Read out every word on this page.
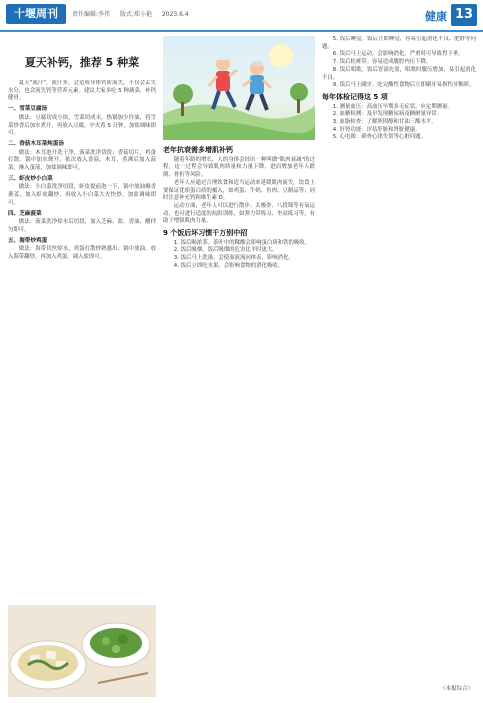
十堰周刊	责任编辑:李伟 版式:郑小艳 2023.6.4	健康 13
夏天补钙，推荐 5 种菜

夏天"流汗"，流汗多，会造成身体钙质流失。不仅会丢失水分，也会流失钙等营养元素。建议大家多吃 5 种蔬菜，补钙健骨。

一、雪菜豆腐汤

做法：豆腐切成小块，雪菜切成末，热锅加少许油，将雪菜炒香后加水煮开，再放入豆腐，中火煮 5 分钟，加盐调味即可。

二、香菇木耳菜炖蛋汤

做法：木耳泡开洗干净，菠菜洗净切段；香菇切片，鸡蛋打散。锅中加水烧开，依次放入香菇、木耳，煮沸后加入菠菜，淋入蛋液，加盐调味即可。

三、虾皮炒小白菜

做法：小白菜洗净切段，虾皮提前泡一下，锅中放油爆香葱姜，加入虾皮翻炒，再放入小白菜大火快炒，加盐调味即可。

四、芝麻菠菜

做法：菠菜洗净焯水后切段，加入芝麻、盐、香油、醋拌匀即可。

五、海带炒鸡蛋

做法：海带切丝焯水，鸡蛋打散炒熟盛出；锅中放油，放入海带翻炒，再加入鸡蛋，调入盐即可。

老年抗衰需多增肌补钙

随着年龄的增长，人的身体会经历一种叫做"肌肉衰减"的过程，这一过程会导致肌肉质量和力量下降，进而增加老年人跌倒、骨折等风险。

老年人应通过合理饮食和适当运动来延缓肌肉流失。饮食上要保证优质蛋白质的摄入，如鸡蛋、牛奶、鱼肉、豆制品等；同时注意补充钙和维生素 D。

运动方面，老年人可以进行散步、太极拳、八段锦等有氧运动，也可进行适度的抗阻训练，如弹力带练习、坐站练习等，有助于增强肌肉力量。

9 个饭后坏习惯千万别中招

1. 饭后喝浓茶。茶叶中的鞣酸会影响蛋白质和铁的吸收。

2. 饭后吸烟。饭后吸烟的危害比平时更大。

3. 饭后马上洗澡。会使血液流向体表，影响消化。

4. 饭后立即吃水果。会影响食物的消化吸收。

5. 饭后睡觉。饭后立即睡觉，容易引起消化不良、肥胖等问题。

6. 饭后马上运动。会影响消化，严重时可导致胃下垂。

7. 饭后松裤带。容易造成腹腔内压下降。

8. 饭后唱歌。饭后胃部充盈，唱歌时腹压增加，易引起消化不良。

9. 饭后马上刷牙。吃完酸性食物后立即刷牙易损伤牙釉质。

每年体检记得这 5 项

1. 测量血压：高血压早期多无症状，应定期测量。

2. 血糖检测：及早发现糖尿病及糖耐量异常。

3. 血脂检查：了解胆固醇和甘油三酯水平。

4. 肝肾功能：评估肝脏和肾脏健康。

5. 心电图：筛查心律失常等心脏问题。

（本报综合）
